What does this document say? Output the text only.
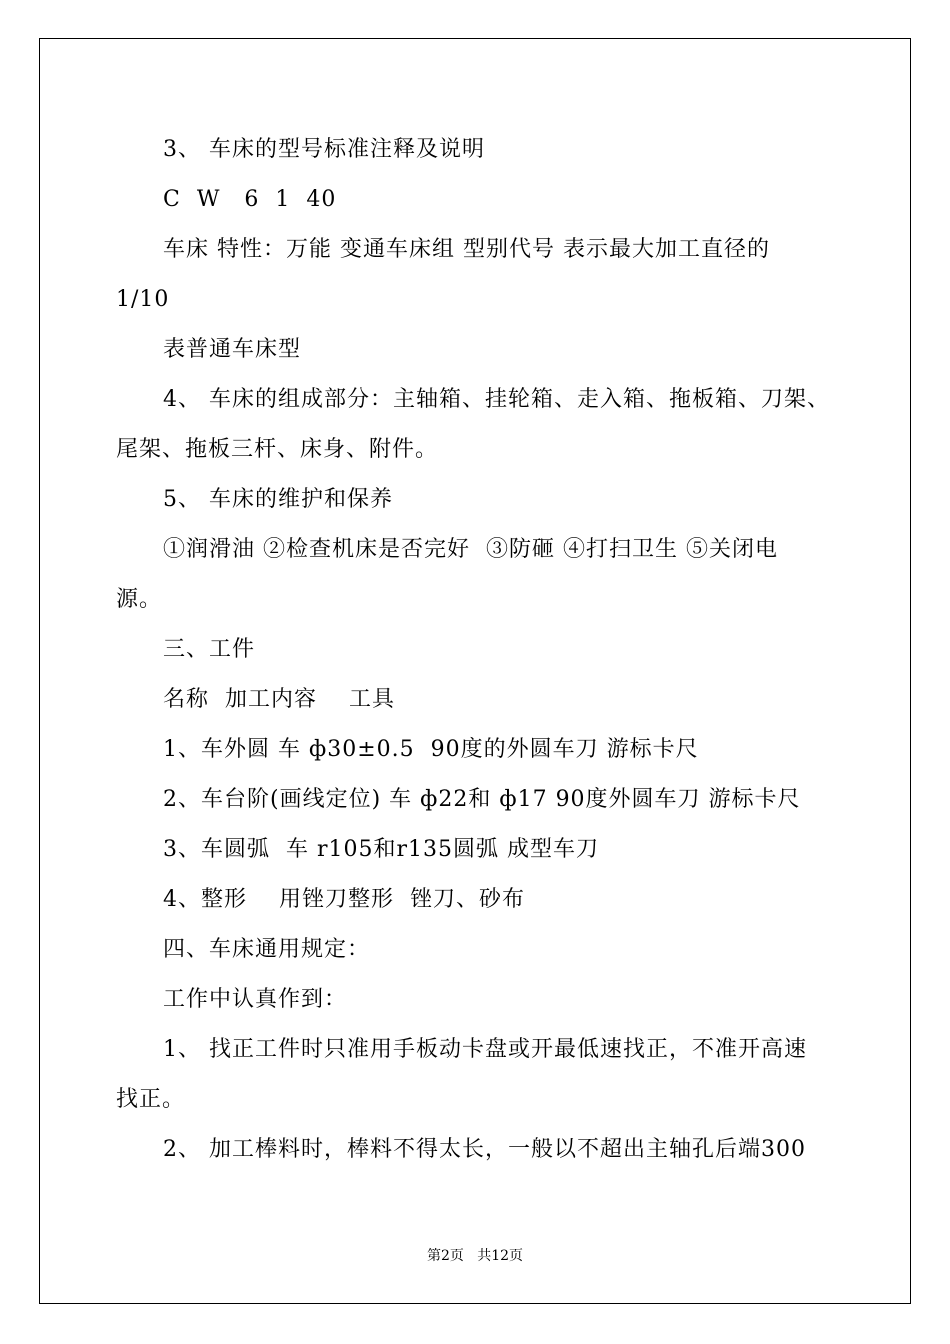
3、 车床的型号标准注释及说明
C  W   6  1  40
车床 特性：万能 变通车床组 型别代号 表示最大加工直径的
1/10
表普通车床型
4、 车床的组成部分：主轴箱、挂轮箱、走入箱、拖板箱、刀架、
尾架、拖板三杆、床身、附件。
5、 车床的维护和保养
①润滑油 ②检查机床是否完好  ③防砸 ④打扫卫生 ⑤关闭电
源。
三、工件
名称  加工内容    工具
1、车外圆 车 ф30±0.5  90度的外圆车刀 游标卡尺
2、车台阶(画线定位) 车 ф22和 ф17 90度外圆车刀 游标卡尺
3、车圆弧  车 r105和r135圆弧 成型车刀
4、整形    用锉刀整形  锉刀、砂布
四、车床通用规定：
工作中认真作到：
1、 找正工件时只准用手板动卡盘或开最低速找正，不准开高速
找正。
2、 加工棒料时，棒料不得太长，一般以不超出主轴孔后端300
第2页   共12页
